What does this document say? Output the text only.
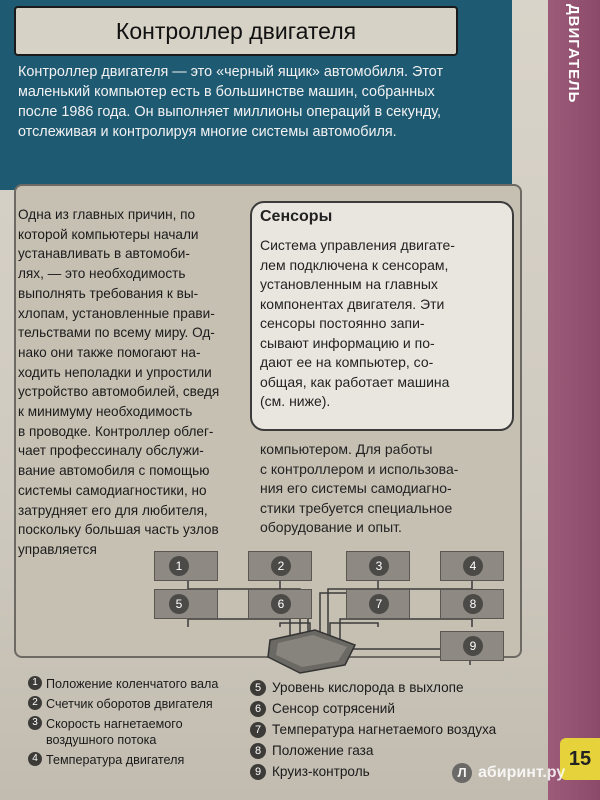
ДВИГАТЕЛЬ
15
Контроллер двигателя
Контроллер двигателя — это «черный ящик» автомобиля. Этот
маленький компьютер есть в большинстве машин, собранных
после 1986 года. Он выполняет миллионы операций в секунду,
отслеживая и контролируя многие системы автомобиля.
Одна из главных причин, по
которой компьютеры начали
устанавливать в автомоби-
лях, — это необходимость
выполнять требования к вы-
хлопам, установленные прави-
тельствами по всему миру. Од-
нако они также помогают на-
ходить неполадки и упростили
устройство автомобилей, сведя
к минимуму необходимость
в проводке. Контроллер облег-
чает профессиналу обслужи-
вание автомобиля с помощью
системы самодиагностики, но
затрудняет его для любителя,
поскольку большая часть узлов
управляется
Сенсоры
Система управления двигате-
лем подключена к сенсорам,
установленным на главных
компонентах двигателя. Эти
сенсоры постоянно запи-
сывают информацию и по-
дают ее на компьютер, со-
общая, как работает машина
(см. ниже).
компьютером. Для работы
с контроллером и использова-
ния его системы самодиагно-
стики требуется специальное
оборудование и опыт.
1	2	3	4
5	6	7	8
9
1 Положение коленчатого вала
2 Счетчик оборотов двигателя
3 Скорость нагнетаемого воздушного потока
4 Температура двигателя
5 Уровень кислорода в выхлопе
6 Сенсор сотрясений
7 Температура нагнетаемого воздуха
8 Положение газа
9 Круиз-контроль	Л абиринт.ру
